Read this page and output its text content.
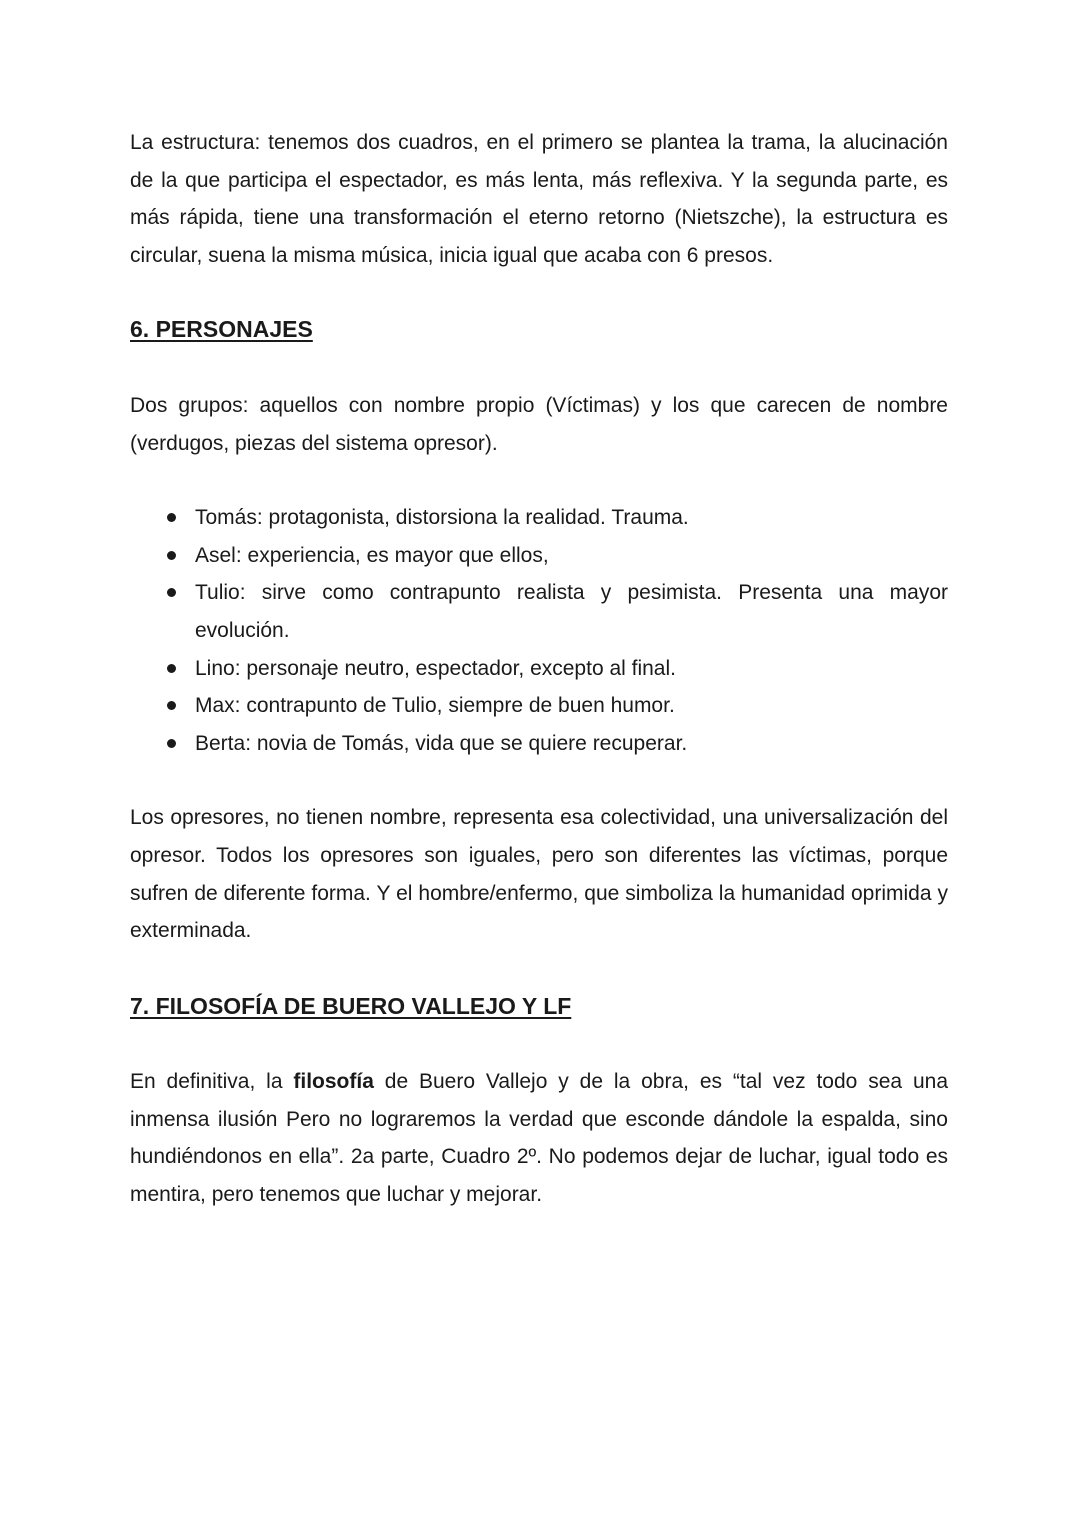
La estructura: tenemos dos cuadros, en el primero se plantea la trama, la alucinación de la que participa el espectador, es más lenta, más reflexiva. Y la segunda parte, es más rápida, tiene una transformación el eterno retorno (Nietszche), la estructura es circular, suena la misma música, inicia igual que acaba con 6 presos.

6. PERSONAJES

Dos grupos: aquellos con nombre propio (Víctimas) y los que carecen de nombre (verdugos, piezas del sistema opresor).

Tomás: protagonista, distorsiona la realidad. Trauma.
Asel: experiencia, es mayor que ellos,
Tulio: sirve como contrapunto realista y pesimista. Presenta una mayor evolución.
Lino: personaje neutro, espectador, excepto al final.
Max: contrapunto de Tulio, siempre de buen humor.
Berta: novia de Tomás, vida que se quiere recuperar.

Los opresores, no tienen nombre, representa esa colectividad, una universalización del opresor. Todos los opresores son iguales, pero son diferentes las víctimas, porque sufren de diferente forma. Y el hombre/enfermo, que simboliza la humanidad oprimida y exterminada.

7. FILOSOFÍA DE BUERO VALLEJO Y LF

En definitiva, la filosofía de Buero Vallejo y de la obra, es “tal vez todo sea una inmensa ilusión Pero no lograremos la verdad que esconde dándole la espalda, sino hundiéndonos en ella”. 2a parte, Cuadro 2º. No podemos dejar de luchar, igual todo es mentira, pero tenemos que luchar y mejorar.
